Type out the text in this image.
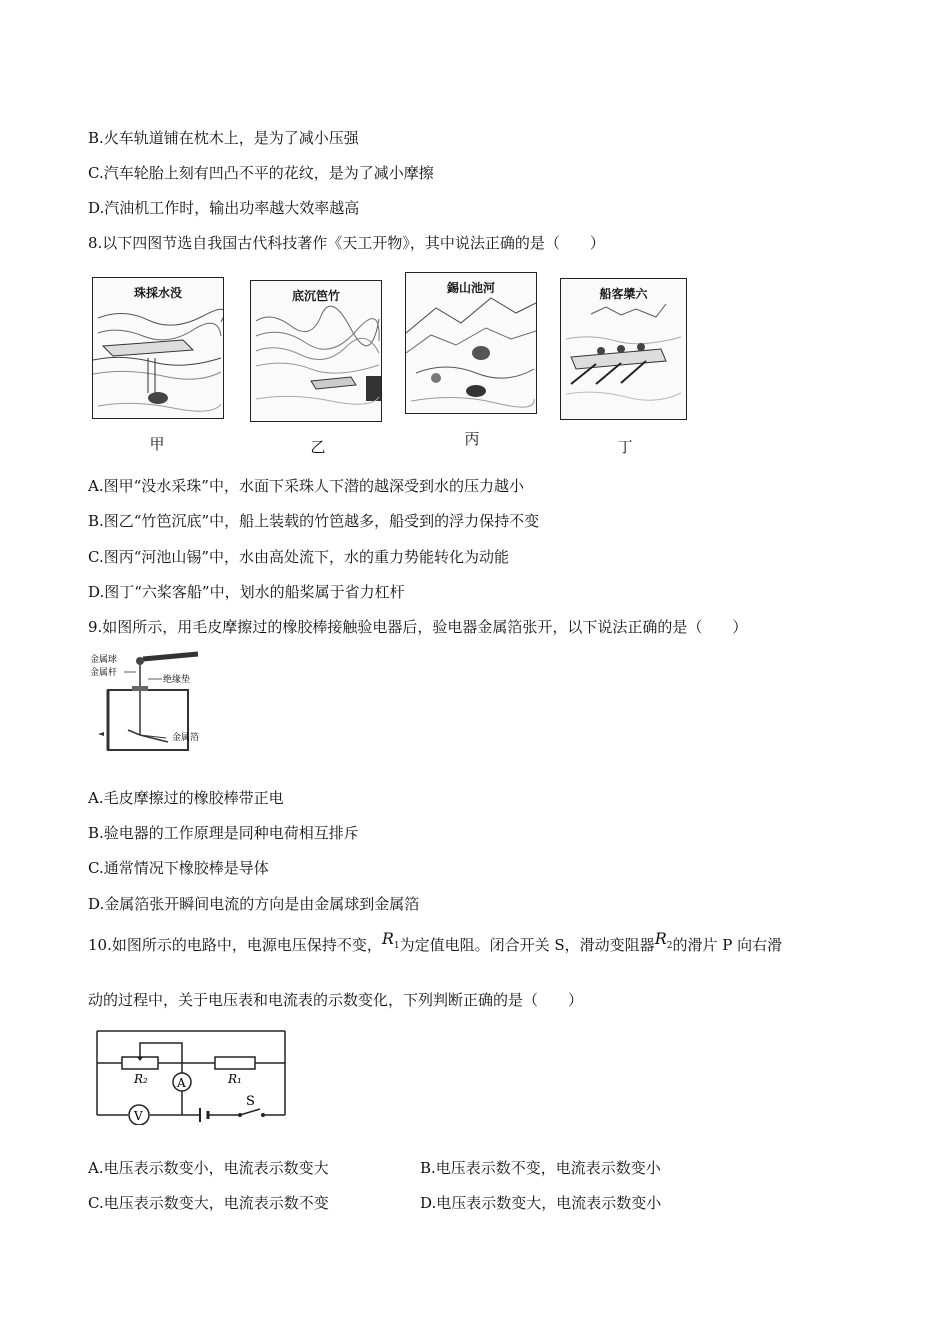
B.火车轨道铺在枕木上，是为了减小压强
C.汽车轮胎上刻有凹凸不平的花纹，是为了减小摩擦
D.汽油机工作时，输出功率越大效率越高
8.以下四图节选自我国古代科技著作《天工开物》，其中说法正确的是（　　）
珠採水没	底沉笆竹
錫山池河	船客槳六
甲	乙	丙	丁
A.图甲“没水采珠”中，水面下采珠人下潜的越深受到水的压力越小
B.图乙“竹笆沉底”中，船上装载的竹笆越多，船受到的浮力保持不变
C.图丙“河池山锡”中，水由高处流下，水的重力势能转化为动能
D.图丁“六桨客船”中，划水的船桨属于省力杠杆
9.如图所示，用毛皮摩擦过的橡胶棒接触验电器后，验电器金属箔张开，以下说法正确的是（　　）
金属球
金属杆
绝缘垫
金属箔
A.毛皮摩擦过的橡胶棒带正电
B.验电器的工作原理是同种电荷相互排斥
C.通常情况下橡胶棒是导体
D.金属箔张开瞬间电流的方向是由金属球到金属箔
10.如图所示的电路中，电源电压保持不变，$R_1$为定值电阻。闭合开关 S，滑动变阻器$R_2$的滑片 P 向右滑
动的过程中，关于电压表和电流表的示数变化，下列判断正确的是（　　）
R₂	R₁
A
V
S
A.电压表示数变小，电流表示数变大	B.电压表示数不变，电流表示数变小
C.电压表示数变大，电流表示数不变	D.电压表示数变大，电流表示数变小
